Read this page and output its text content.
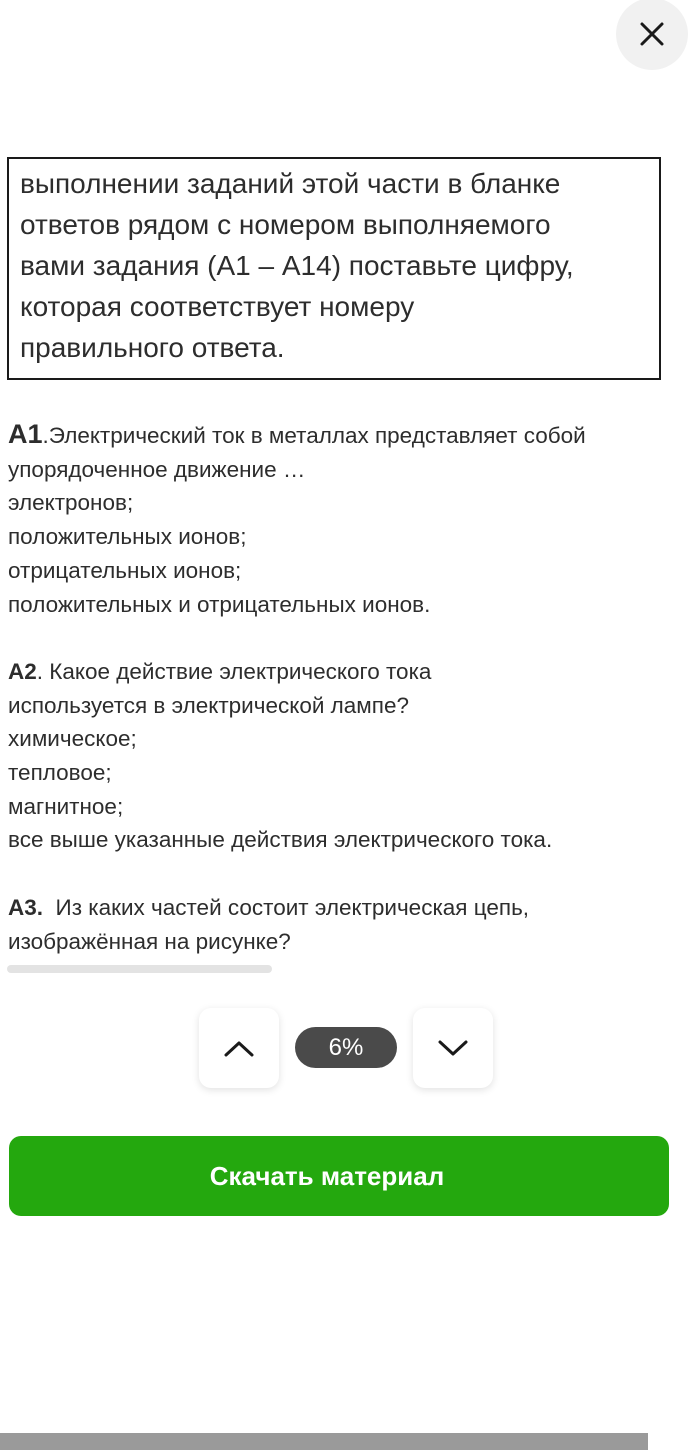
выполнении заданий этой части в бланке
ответов рядом с номером выполняемого
вами задания (А1 – А14) поставьте цифру,
которая соответствует номеру
правильного ответа.
А1.Электрический ток в металлах представляет собой
упорядоченное движение …
электронов;
положительных ионов;
отрицательных ионов;
положительных и отрицательных ионов.
А2. Какое действие электрического тока
используется в электрической лампе?
химическое;
тепловое;
магнитное;
все выше указанные действия электрического тока.
А3.  Из каких частей состоит электрическая цепь,
изображённая на рисунке?
6%
Скачать материал
